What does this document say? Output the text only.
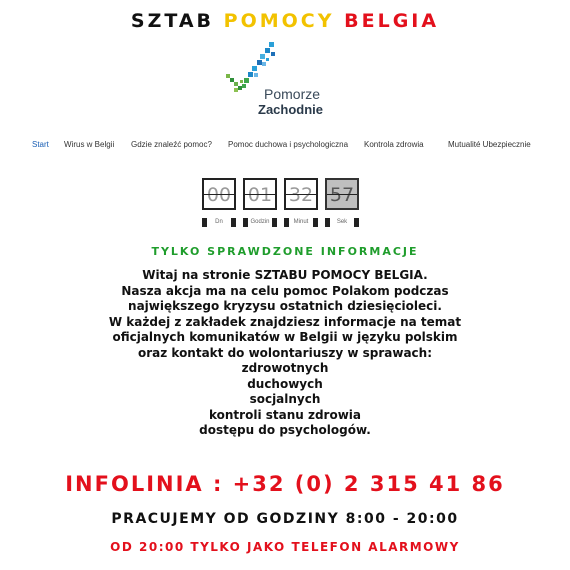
SZTAB POMOCY BELGIA
Pomorze
Zachodnie
Start Wirus w Belgii Gdzie znaleźć pomoc? Pomoc duchowa i psychologiczna Kontrola zdrowia	Mutualité Ubezpiecznie
00 01 32 57
Dn	Godzin	Minut	Sek
TYLKO SPRAWDZONE INFORMACJE
Witaj na stronie SZTABU POMOCY BELGIA.
Nasza akcja ma na celu pomoc Polakom podczas
największego kryzysu ostatnich dziesięcioleci.
W każdej z zakładek znajdziesz informacje na temat
oficjalnych komunikatów w Belgii w języku polskim
oraz kontakt do wolontariuszy w sprawach:
zdrowotnych
duchowych
socjalnych
kontroli stanu zdrowia
dostępu do psychologów.
INFOLINIA : +32 (0) 2 315 41 86
PRACUJEMY OD GODZINY 8:00 - 20:00
OD 20:00 TYLKO JAKO TELEFON ALARMOWY
